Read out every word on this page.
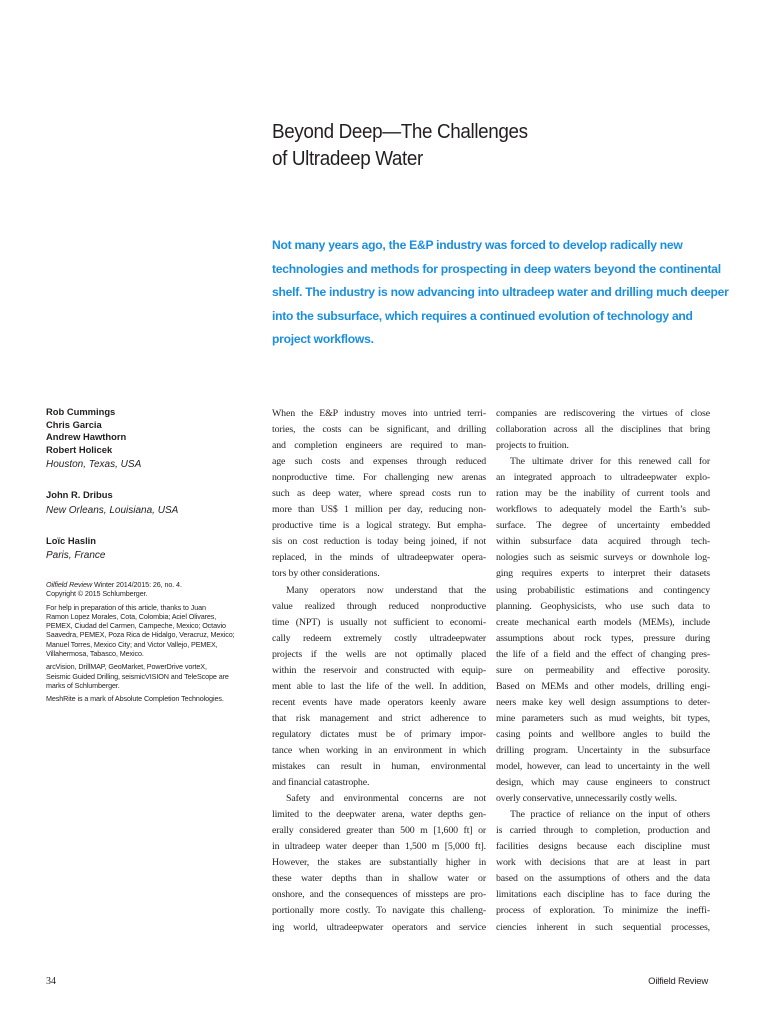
Beyond Deep—The Challenges
of Ultradeep Water
Not many years ago, the E&P industry was forced to develop radically new
technologies and methods for prospecting in deep waters beyond the continental
shelf. The industry is now advancing into ultradeep water and drilling much deeper
into the subsurface, which requires a continued evolution of technology and
project workflows.
Rob Cummings
Chris Garcia
Andrew Hawthorn
Robert Holicek
Houston, Texas, USA
John R. Dribus
New Orleans, Louisiana, USA
Loïc Haslin
Paris, France

Oilfield Review Winter 2014/2015: 26, no. 4.
Copyright © 2015 Schlumberger.

For help in preparation of this article, thanks to Juan
Ramon Lopez Morales, Cota, Colombia; Aciel Olivares,
PEMEX, Ciudad del Carmen, Campeche, Mexico; Octavio
Saavedra, PEMEX, Poza Rica de Hidalgo, Veracruz, Mexico;
Manuel Torres, Mexico City; and Victor Vallejo, PEMEX,
Villahermosa, Tabasco, Mexico.

arcVision, DrillMAP, GeoMarket, PowerDrive vorteX,
Seismic Guided Drilling, seismicVISION and TeleScope are
marks of Schlumberger.

MeshRite is a mark of Absolute Completion Technologies.

When the E&P industry moves into untried terri-
tories, the costs can be significant, and drilling
and completion engineers are required to man-
age such costs and expenses through reduced
nonproductive time. For challenging new arenas
such as deep water, where spread costs run to
more than US$ 1 million per day, reducing non-
productive time is a logical strategy. But empha-
sis on cost reduction is today being joined, if not
replaced, in the minds of ultradeepwater opera-
tors by other considerations.
Many operators now understand that the
value realized through reduced nonproductive
time (NPT) is usually not sufficient to economi-
cally redeem extremely costly ultradeepwater
projects if the wells are not optimally placed
within the reservoir and constructed with equip-
ment able to last the life of the well. In addition,
recent events have made operators keenly aware
that risk management and strict adherence to
regulatory dictates must be of primary impor-
tance when working in an environment in which
mistakes can result in human, environmental
and financial catastrophe.
Safety and environmental concerns are not
limited to the deepwater arena, water depths gen-
erally considered greater than 500 m [1,600 ft] or
in ultradeep water deeper than 1,500 m [5,000 ft].
However, the stakes are substantially higher in
these water depths than in shallow water or
onshore, and the consequences of missteps are pro-
portionally more costly. To navigate this challeng-
ing world, ultradeepwater operators and service
companies are rediscovering the virtues of close
collaboration across all the disciplines that bring
projects to fruition.
The ultimate driver for this renewed call for
an integrated approach to ultradeepwater explo-
ration may be the inability of current tools and
workflows to adequately model the Earth’s sub-
surface. The degree of uncertainty embedded
within subsurface data acquired through tech-
nologies such as seismic surveys or downhole log-
ging requires experts to interpret their datasets
using probabilistic estimations and contingency
planning. Geophysicists, who use such data to
create mechanical earth models (MEMs), include
assumptions about rock types, pressure during
the life of a field and the effect of changing pres-
sure on permeability and effective porosity.
Based on MEMs and other models, drilling engi-
neers make key well design assumptions to deter-
mine parameters such as mud weights, bit types,
casing points and wellbore angles to build the
drilling program. Uncertainty in the subsurface
model, however, can lead to uncertainty in the well
design, which may cause engineers to construct
overly conservative, unnecessarily costly wells.
The practice of reliance on the input of others
is carried through to completion, production and
facilities designs because each discipline must
work with decisions that are at least in part
based on the assumptions of others and the data
limitations each discipline has to face during the
process of exploration. To minimize the ineffi-
ciencies inherent in such sequential processes,
34	Oilfield Review
